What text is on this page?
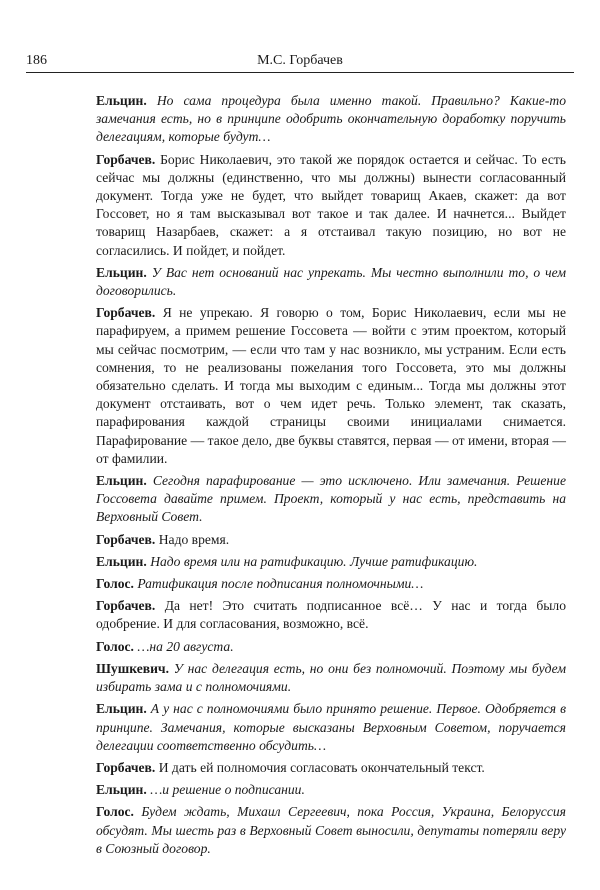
186	М.С. Горбачев

Ельцин. Но сама процедура была именно такой. Правильно? Какие-то замечания есть, но в принципе одобрить окончательную доработку поручить делегациям, которые будут…

Горбачев. Борис Николаевич, это такой же порядок остается и сейчас. То есть сейчас мы должны (единственно, что мы должны) вынести согласованный документ. Тогда уже не будет, что выйдет товарищ Акаев, скажет: да вот Госсовет, но я там высказывал вот такое и так далее. И начнется... Выйдет товарищ Назарбаев, скажет: а я отстаивал такую позицию, но вот не согласились. И пойдет, и пойдет.

Ельцин. У Вас нет оснований нас упрекать. Мы честно выполнили то, о чем договорились.

Горбачев. Я не упрекаю. Я говорю о том, Борис Николаевич, если мы не парафируем, а примем решение Госсовета — войти с этим проектом, который мы сейчас посмотрим, — если что там у нас возникло, мы устраним. Если есть сомнения, то не реализованы пожелания того Госсовета, это мы должны обязательно сделать. И тогда мы выходим с единым... Тогда мы должны этот документ отстаивать, вот о чем идет речь. Только элемент, так сказать, парафирования каждой страницы своими инициалами снимается. Парафирование — такое дело, две буквы ставятся, первая — от имени, вторая — от фамилии.

Ельцин. Сегодня парафирование — это исключено. Или замечания. Решение Госсовета давайте примем. Проект, который у нас есть, представить на Верховный Совет.

Горбачев. Надо время.

Ельцин. Надо время или на ратификацию. Лучше ратификацию.

Голос. Ратификация после подписания полномочными…

Горбачев. Да нет! Это считать подписанное всё… У нас и тогда было одобрение. И для согласования, возможно, всё.

Голос. …на 20 августа.

Шушкевич. У нас делегация есть, но они без полномочий. Поэтому мы будем избирать зама и с полномочиями.

Ельцин. А у нас с полномочиями было принято решение. Первое. Одобряется в принципе. Замечания, которые высказаны Верховным Советом, поручается делегации соответственно обсудить…

Горбачев. И дать ей полномочия согласовать окончательный текст.

Ельцин. …и решение о подписании.

Голос. Будем ждать, Михаил Сергеевич, пока Россия, Украина, Белоруссия обсудят. Мы шесть раз в Верховный Совет выносили, депутаты потеряли веру в Союзный договор.
